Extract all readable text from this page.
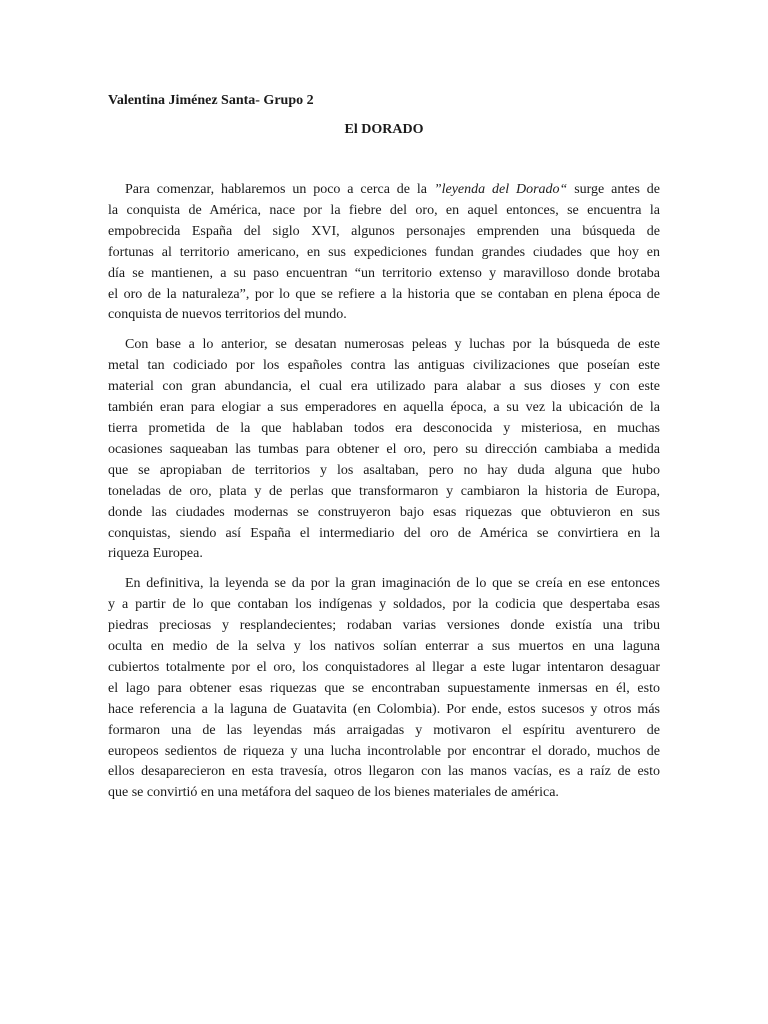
Valentina Jiménez Santa- Grupo 2
El DORADO
Para comenzar, hablaremos un poco a cerca de la ”leyenda del Dorado“ surge antes de
la conquista de América, nace por la fiebre del oro, en aquel entonces, se encuentra la
empobrecida España del siglo XVI, algunos personajes emprenden una búsqueda de
fortunas al territorio americano, en sus expediciones fundan grandes ciudades que hoy en
día se mantienen, a su paso encuentran “un territorio extenso y maravilloso donde brotaba
el oro de la naturaleza”, por lo que se refiere a la historia que se contaban en plena época de
conquista de nuevos territorios del mundo.
Con base a lo anterior, se desatan numerosas peleas y luchas por la búsqueda de este
metal tan codiciado por los españoles contra las antiguas civilizaciones que poseían este
material con gran abundancia, el cual era utilizado para alabar a sus dioses y con este
también eran para elogiar a sus emperadores en aquella época, a su vez la ubicación de la
tierra prometida de la que hablaban todos era desconocida y misteriosa, en muchas
ocasiones saqueaban las tumbas para obtener el oro, pero su dirección cambiaba a medida
que se apropiaban de territorios y los asaltaban, pero no hay duda alguna que hubo
toneladas de oro, plata y de perlas que transformaron y cambiaron la historia de Europa,
donde las ciudades modernas se construyeron bajo esas riquezas que obtuvieron en sus
conquistas, siendo así España el intermediario del oro de América se convirtiera en la
riqueza Europea.
En definitiva, la leyenda se da por la gran imaginación de lo que se creía en ese entonces
y a partir de lo que contaban los indígenas y soldados, por la codicia que despertaba esas
piedras preciosas y resplandecientes; rodaban varias versiones donde existía una tribu
oculta en medio de la selva y los nativos solían enterrar a sus muertos en una laguna
cubiertos totalmente por el oro, los conquistadores al llegar a este lugar intentaron desaguar
el lago para obtener esas riquezas que se encontraban supuestamente inmersas en él, esto
hace referencia a la laguna de Guatavita (en Colombia). Por ende, estos sucesos y otros más
formaron una de las leyendas más arraigadas y motivaron el espíritu aventurero de
europeos sedientos de riqueza y una lucha incontrolable por encontrar el dorado, muchos de
ellos desaparecieron en esta travesía, otros llegaron con las manos vacías, es a raíz de esto
que se convirtió en una metáfora del saqueo de los bienes materiales de américa.
